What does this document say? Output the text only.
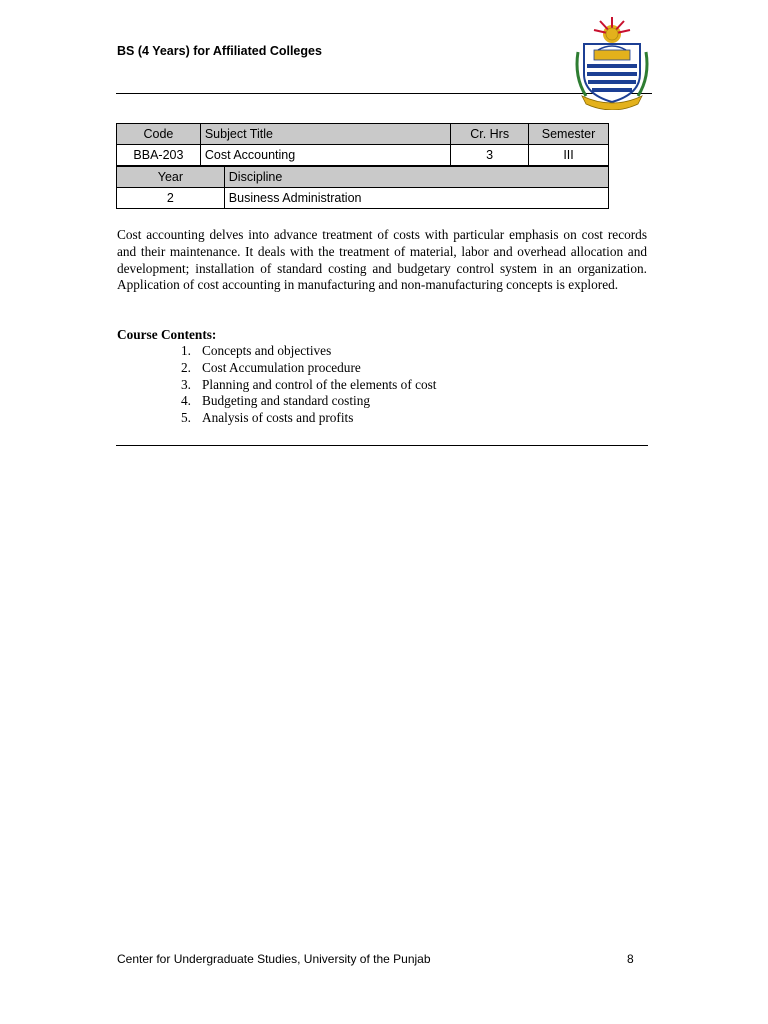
BS (4 Years) for Affiliated Colleges
Code	Subject Title		Cr. Hrs	Semester
BBA-203	Cost Accounting		3	III
Year		Discipline		
2		Business Administration		

Cost accounting delves into advance treatment of costs with particular emphasis on cost records and their maintenance. It deals with the treatment of material, labor and overhead allocation and development; installation of standard costing and budgetary control system in an organization. Application of cost accounting in manufacturing and non-manufacturing concepts is explored.

Course Contents:
1. Concepts and objectives
2. Cost Accumulation procedure
3. Planning and control of the elements of cost
4. Budgeting and standard costing
5. Analysis of costs and profits
Center for Undergraduate Studies, University of the Punjab	8
